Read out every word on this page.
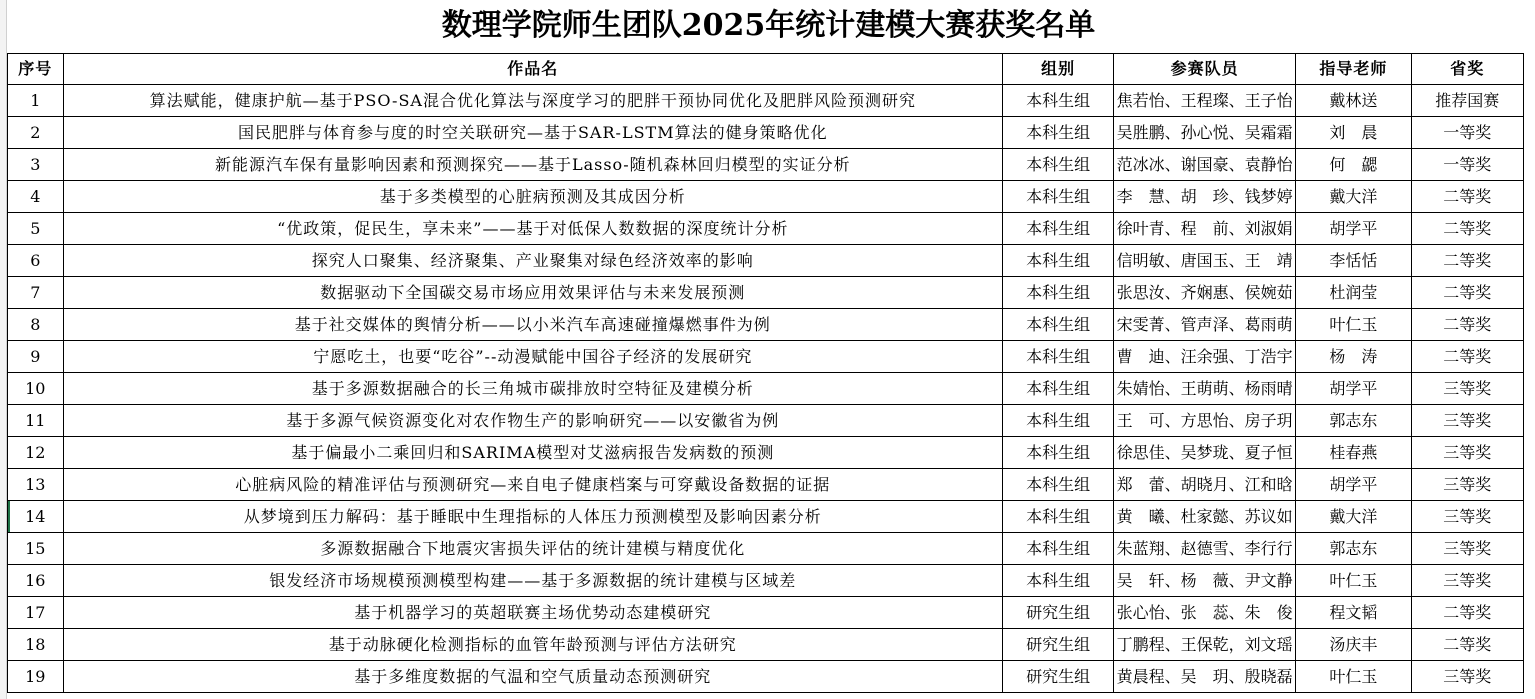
数理学院师生团队2025年统计建模大赛获奖名单
序号	作品名	组别	参赛队员	指导老师	省奖
1	算法赋能，健康护航—基于PSO-SA混合优化算法与深度学习的肥胖干预协同优化及肥胖风险预测研究	本科生组	焦若怡、王程璨、王子怡	戴林送	推荐国赛
2	国民肥胖与体育参与度的时空关联研究—基于SAR-LSTM算法的健身策略优化	本科生组	吴胜鹏、孙心悦、吴霜霜	刘　晨	一等奖
3	新能源汽车保有量影响因素和预测探究——基于Lasso-随机森林回归模型的实证分析	本科生组	范冰冰、谢国豪、袁静怡	何　勰	一等奖
4	基于多类模型的心脏病预测及其成因分析	本科生组	李　慧、胡　珍、钱梦婷	戴大洋	二等奖
5	“优政策，促民生，享未来”——基于对低保人数数据的深度统计分析	本科生组	徐叶青、程　前、刘淑娟	胡学平	二等奖
6	探究人口聚集、经济聚集、产业聚集对绿色经济效率的影响	本科生组	信明敏、唐国玉、王　靖	李恬恬	二等奖
7	数据驱动下全国碳交易市场应用效果评估与未来发展预测	本科生组	张思汝、齐娴惠、侯婉茹	杜润莹	二等奖
8	基于社交媒体的舆情分析——以小米汽车高速碰撞爆燃事件为例	本科生组	宋雯菁、管声泽、葛雨萌	叶仁玉	二等奖
9	宁愿吃土，也要“吃谷”--动漫赋能中国谷子经济的发展研究	本科生组	曹　迪、汪余强、丁浩宇	杨　涛	二等奖
10	基于多源数据融合的长三角城市碳排放时空特征及建模分析	本科生组	朱婧怡、王萌萌、杨雨晴	胡学平	三等奖
11	基于多源气候资源变化对农作物生产的影响研究——以安徽省为例	本科生组	王　可、方思怡、房子玥	郭志东	三等奖
12	基于偏最小二乘回归和SARIMA模型对艾滋病报告发病数的预测	本科生组	徐思佳、吴梦珑、夏子恒	桂春燕	三等奖
13	心脏病风险的精准评估与预测研究—来自电子健康档案与可穿戴设备数据的证据	本科生组	郑　蕾、胡晓月、江和晗	胡学平	三等奖
14	从梦境到压力解码：基于睡眠中生理指标的人体压力预测模型及影响因素分析	本科生组	黄　曦、杜家懿、苏议如	戴大洋	三等奖
15	多源数据融合下地震灾害损失评估的统计建模与精度优化	本科生组	朱蓝翔、赵德雪、李行行	郭志东	三等奖
16	银发经济市场规模预测模型构建——基于多源数据的统计建模与区域差	本科生组	吴　轩、杨　薇、尹文静	叶仁玉	三等奖
17	基于机器学习的英超联赛主场优势动态建模研究	研究生组	张心怡、张　蕊、朱　俊	程文韬	二等奖
18	基于动脉硬化检测指标的血管年龄预测与评估方法研究	研究生组	丁鹏程、王保乾，刘文瑶	汤庆丰	二等奖
19	基于多维度数据的气温和空气质量动态预测研究	研究生组	黄晨程、吴　玥、殷晓磊	叶仁玉	三等奖
